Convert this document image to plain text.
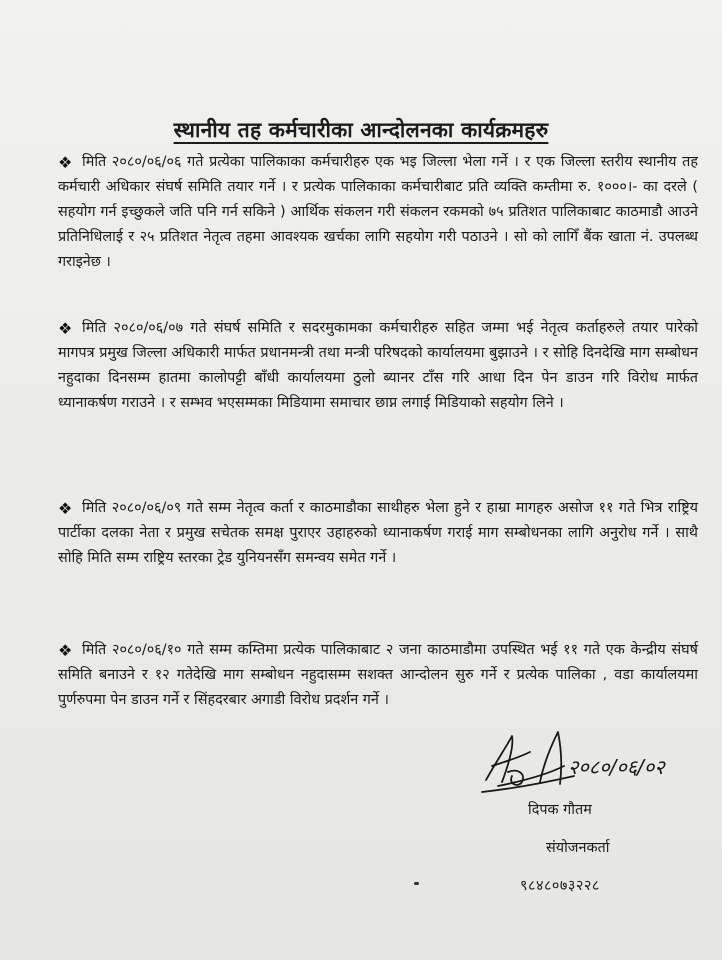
स्थानीय तह कर्मचारीका आन्दोलनका कार्यक्रमहरु
❖ मिति २०८०/०६/०६ गते प्रत्येका पालिकाका कर्मचारीहरु एक भइ जिल्ला भेला गर्ने । र एक जिल्ला स्तरीय स्थानीय तह कर्मचारी अधिकार संघर्ष समिति तयार गर्ने । र प्रत्येक पालिकाका कर्मचारीबाट प्रति व्यक्ति कम्तीमा रु. १०००।- का दरले ( सहयोग गर्न इच्छुकले जति पनि गर्न सकिने ) आर्थिक संकलन गरी संकलन रकमको ७५ प्रतिशत पालिकाबाट काठमाडौ आउने प्रतिनिधिलाई र २५ प्रतिशत नेतृत्व तहमा आवश्यक खर्चका लागि सहयोग गरी पठाउने । सो को लागिँ बैंक खाता नं. उपलब्ध गराइनेछ ।
❖ मिति २०८०/०६/०७ गते संघर्ष समिति र सदरमुकामका कर्मचारीहरु सहित जम्मा भई नेतृत्व कर्ताहरुले तयार पारेको मागपत्र प्रमुख जिल्ला अधिकारी मार्फत प्रधानमन्त्री तथा मन्त्री परिषदको कार्यालयमा बुझाउने । र सोहि दिनदेखि माग सम्बोधन नहुदाका दिनसम्म हातमा कालोपट्टी बाँधी कार्यालयमा ठुलो ब्यानर टाँस गरि आधा दिन पेन डाउन गरि विरोध मार्फत ध्यानाकर्षण गराउने । र सम्भव भएसम्मका मिडियामा समाचार छाप्न लगाई मिडियाको सहयोग लिने ।
❖ मिति २०८०/०६/०९ गते सम्म नेतृत्व कर्ता र काठमाडौका साथीहरु भेला हुने र हाम्रा मागहरु असोज ११ गते भित्र राष्ट्रिय पार्टीका दलका नेता र प्रमुख सचेतक समक्ष पुराएर उहाहरुको ध्यानाकर्षण गराई माग सम्बोधनका लागि अनुरोध गर्ने । साथै सोहि मिति सम्म राष्ट्रिय स्तरका ट्रेड युनियनसँग समन्वय समेत गर्ने ।
❖ मिति २०८०/०६/१० गते सम्म कम्तिमा प्रत्येक पालिकाबाट २ जना काठमाडौमा उपस्थित भई ११ गते एक केन्द्रीय संघर्ष समिति बनाउने र १२ गतेदेखि माग सम्बोधन नहुदासम्म सशक्त आन्दोलन सुरु गर्ने र प्रत्येक पालिका , वडा कार्यालयमा पुर्णरुपमा पेन डाउन गर्ने र सिंहदरबार अगाडी विरोध प्रदर्शन गर्ने ।
२०८०/०६/०२
दिपक गौतम
संयोजनकर्ता
९८४८०७३२२८
